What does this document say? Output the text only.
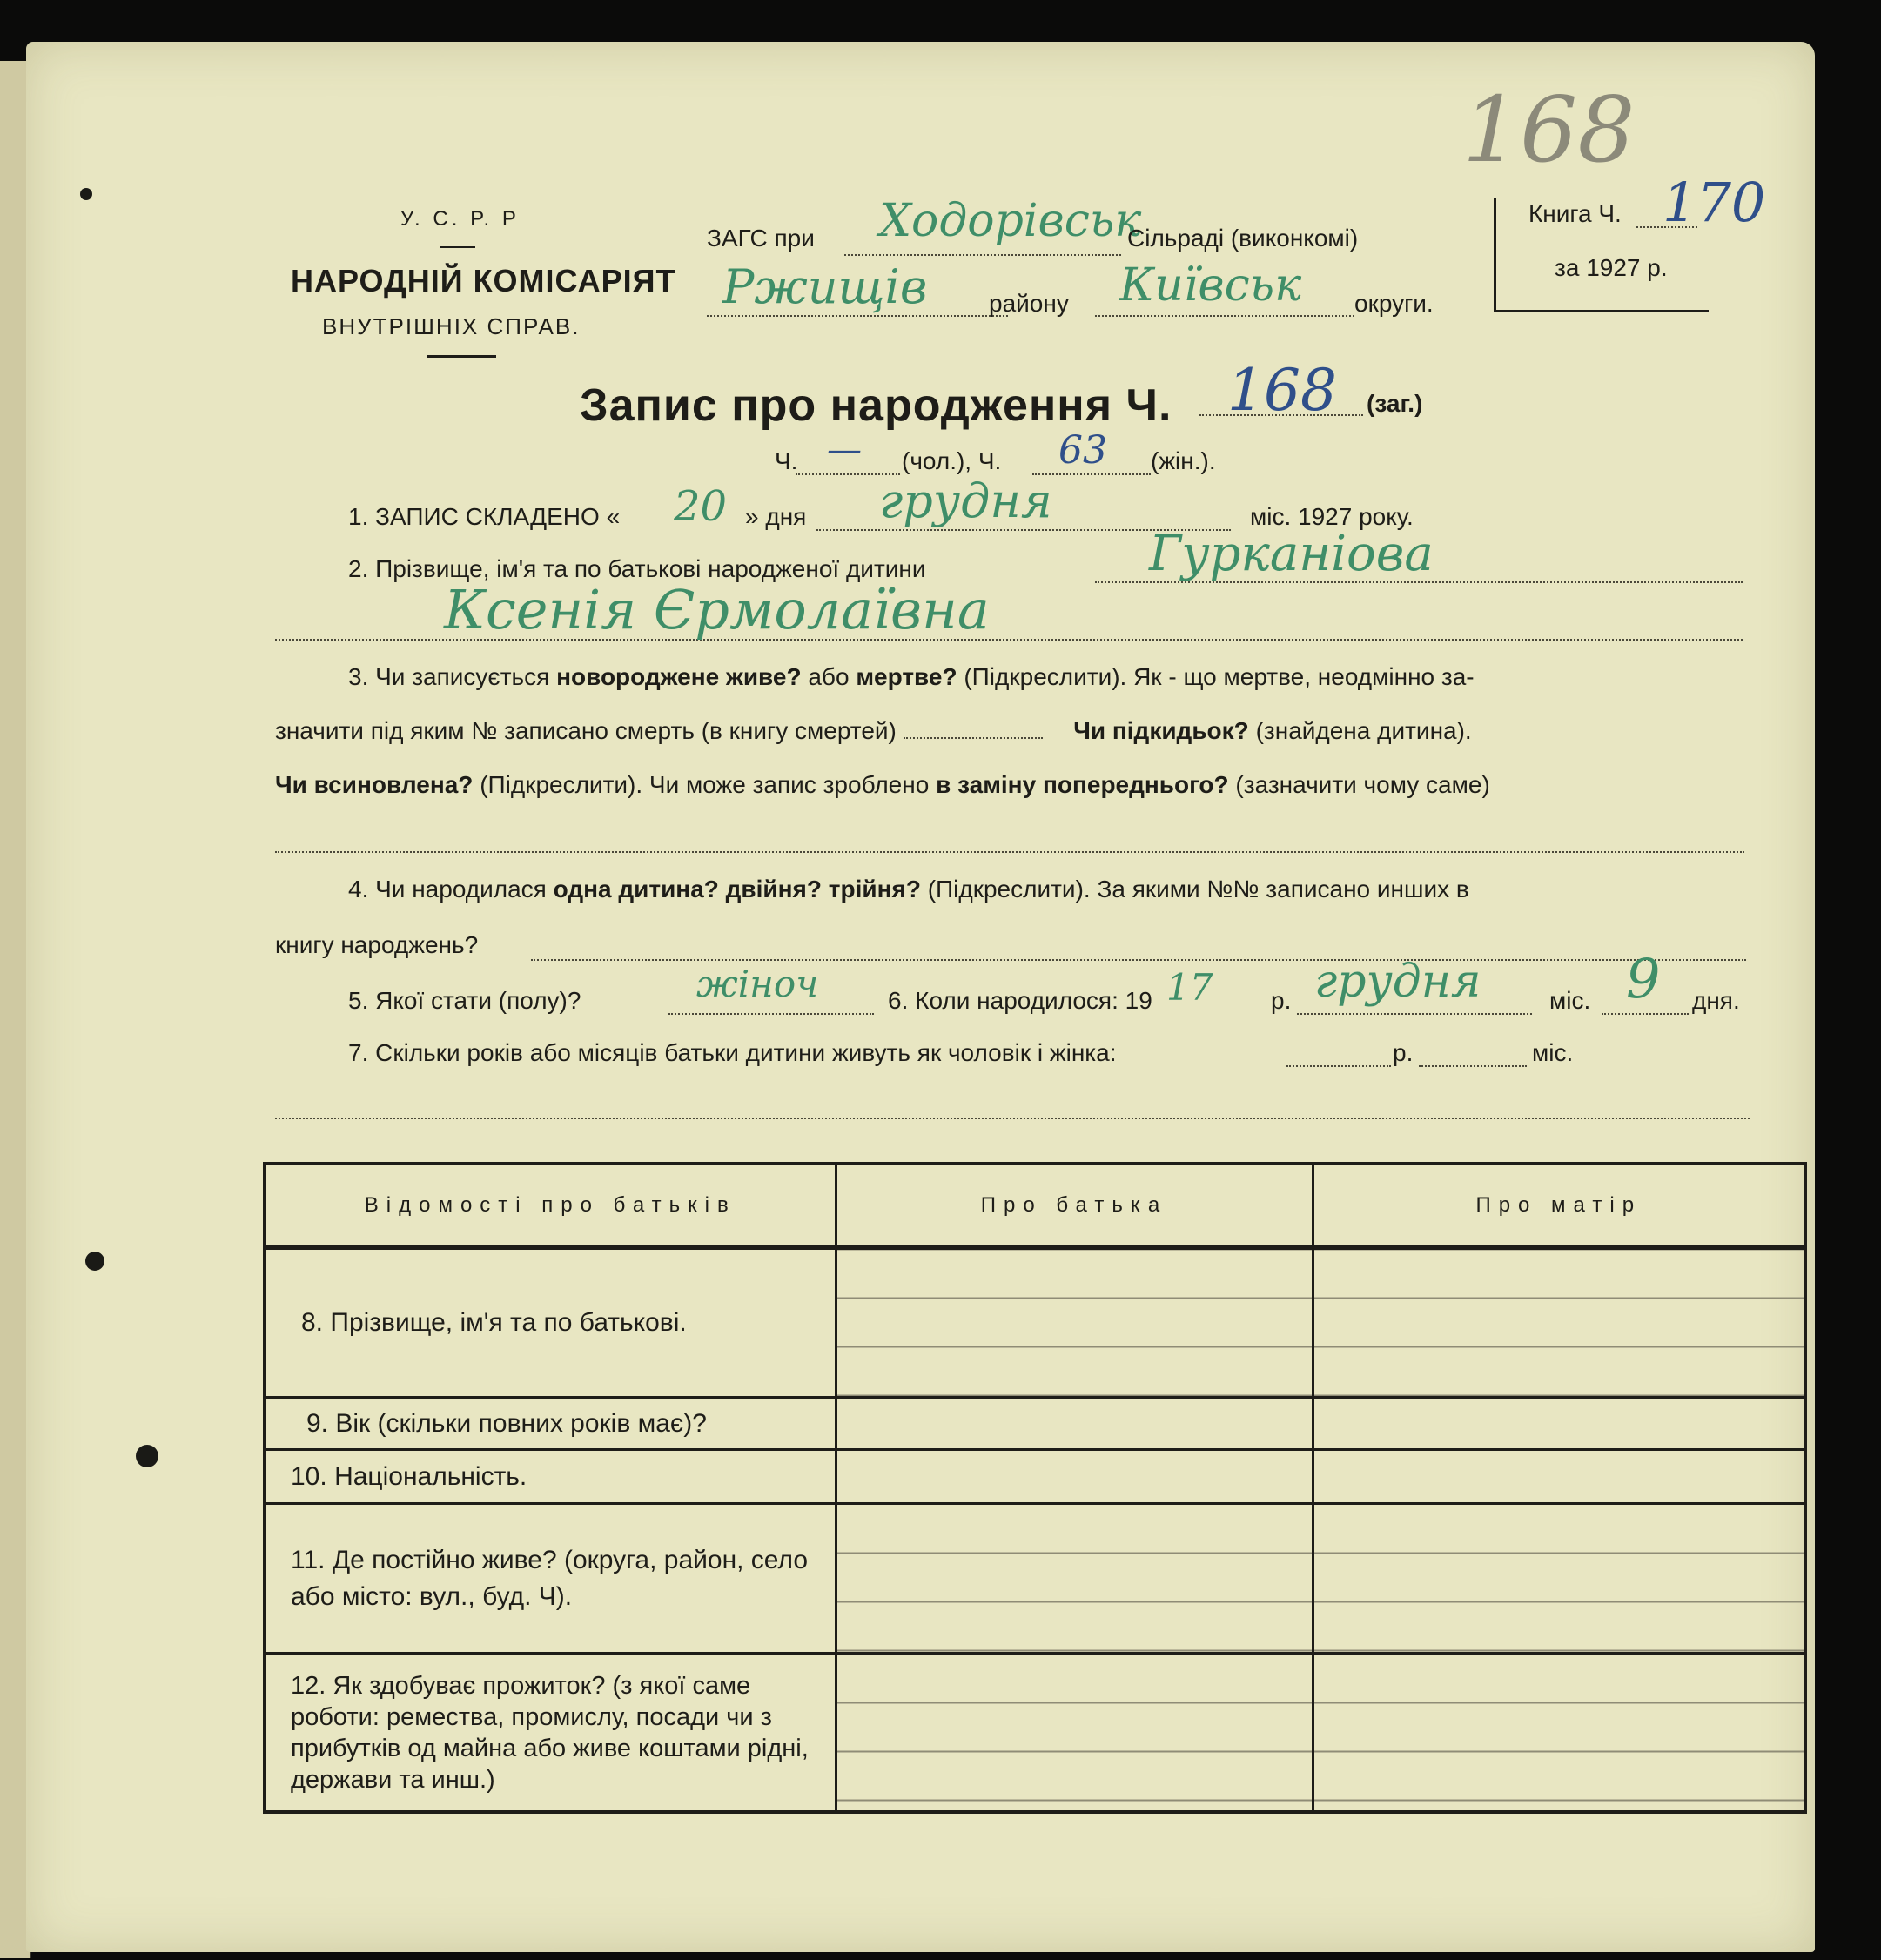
168
У. С. Р. Р
НАРОДНІЙ КОМІСАРІЯТ
ВНУТРІШНІХ СПРАВ.
ЗАГС при Ходорівськ
Сільраді (виконкомі)
Ржищів	району Київськ округи.
Книга Ч. 170
за 1927 р.
Запис про народження Ч. 168 (заг.)
Ч. — (чол.), Ч. 63 (жін.).
1. ЗАПИС СКЛАДЕНО « 20 » дня грудня	міс. 1927 року.
2. Прізвище, ім'я та по батькові народженої дитини	Гурканіова
Ксенія Єрмолаївна
3. Чи записується новороджене живе? або мертве? (Підкреслити). Як - що мертве, неодмінно за-
значити під яким № записано смерть (в книгу смертей)	Чи підкидьок? (знайдена дитина).
Чи всиновлена? (Підкреслити). Чи може запис зроблено в заміну попереднього? (зазначити чому саме)
4. Чи народилася одна дитина? двійня? трійня? (Підкреслити). За якими №№ записано инших в
книгу народжень?
5. Якої стати (полу)?	жіноч	6. Коли народилося: 19 17 р. грудня	міс. 9 дня.
7. Скільки років або місяців батьки дитини живуть як чоловік і жінка:	р.	міс.
Відомості про батьків	Про батька	Про матір
8. Прізвище, ім'я та по батькові.		
9. Вік (скільки повних років має)?		
10. Національність.		
11. Де постійно живе? (округа, район, село або місто: вул., буд. Ч).		
12. Як здобуває прожиток? (з якої саме роботи: ремества, промислу, посади чи з прибутків од майна або живе коштами рідні, держави та инш.)		
